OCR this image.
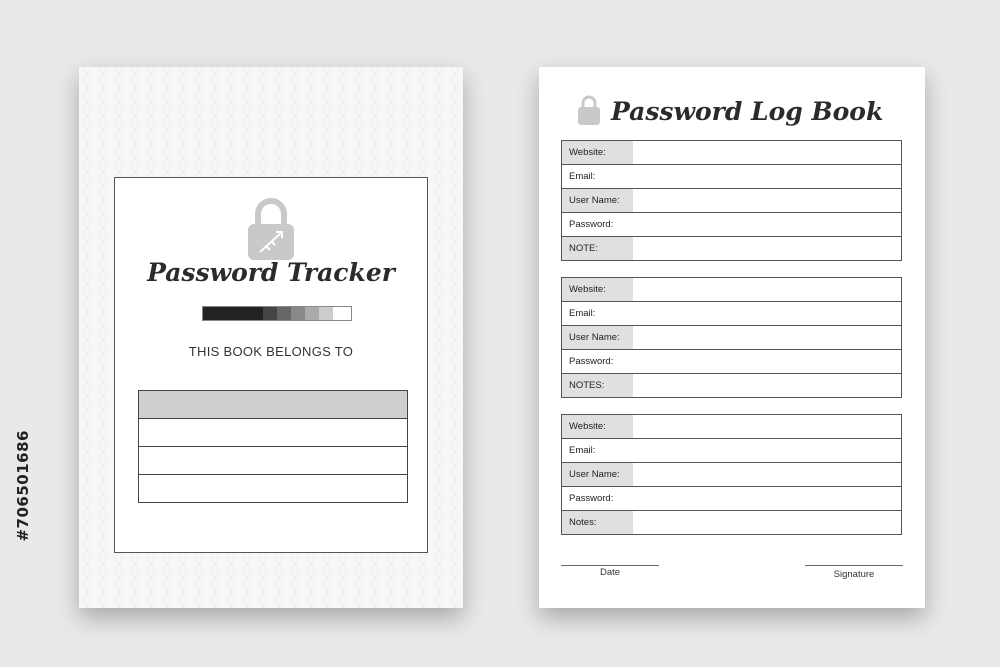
#706501686
Password Tracker
THIS BOOK BELONGS TO
Password Log Book
Website:
Email:
User Name:
Password:
NOTE:
Website:
Email:
User Name:
Password:
NOTES:
Website:
Email:
User Name:
Password:
Notes:
Date	Signature
